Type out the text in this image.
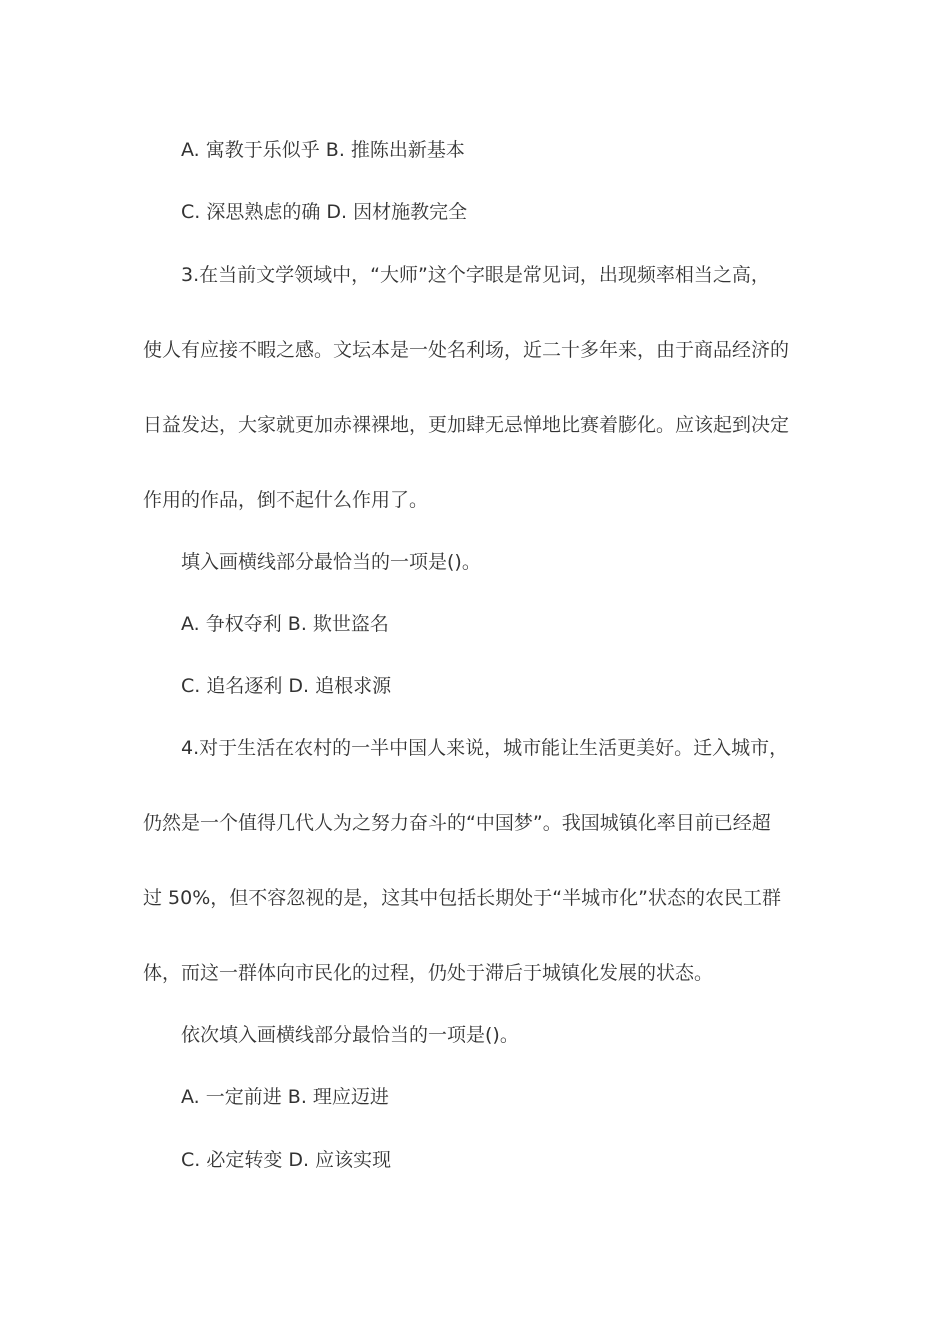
A. 寓教于乐似乎 B. 推陈出新基本
C. 深思熟虑的确 D. 因材施教完全
3.在当前文学领域中，“大师”这个字眼是常见词，出现频率相当之高，
使人有应接不暇之感。文坛本是一处名利场，近二十多年来，由于商品经济的
日益发达，大家就更加赤裸裸地，更加肆无忌惮地比赛着膨化。应该起到决定
作用的作品，倒不起什么作用了。
填入画横线部分最恰当的一项是()。
A. 争权夺利 B. 欺世盗名
C. 追名逐利 D. 追根求源
4.对于生活在农村的一半中国人来说，城市能让生活更美好。迁入城市，
仍然是一个值得几代人为之努力奋斗的“中国梦”。我国城镇化率目前已经超
过 50%，但不容忽视的是，这其中包括长期处于“半城市化”状态的农民工群
体，而这一群体向市民化的过程，仍处于滞后于城镇化发展的状态。
依次填入画横线部分最恰当的一项是()。
A. 一定前进 B. 理应迈进
C. 必定转变 D. 应该实现
